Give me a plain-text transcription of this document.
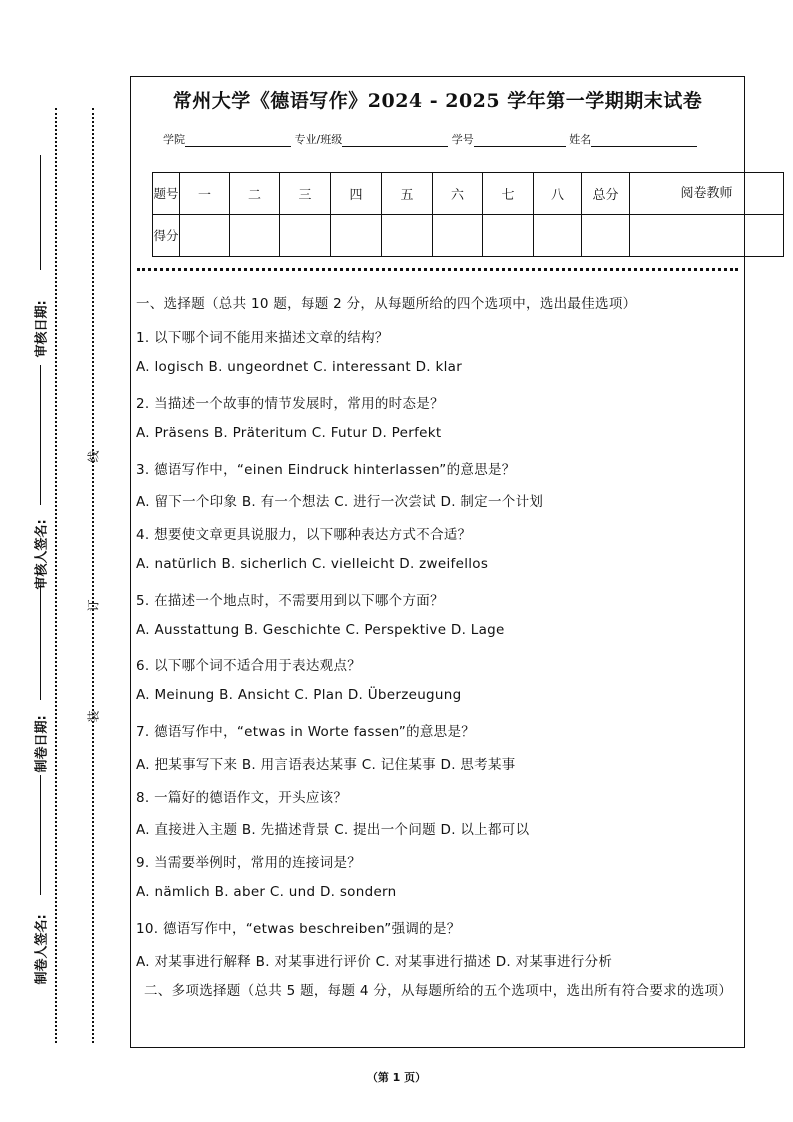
审核日期:
审核人签名:
制卷日期:
制卷人签名:
线
订
装
常州大学《德语写作》2024 - 2025 学年第一学期期末试卷
学院	专业/班级	学号	姓名
题号	一	二	三	四	五	六	七	八	总分	阅卷教师
得分										
一、选择题（总共 10 题，每题 2 分，从每题所给的四个选项中，选出最佳选项）
1. 以下哪个词不能用来描述文章的结构？
A. logisch B. ungeordnet C. interessant D. klar
2. 当描述一个故事的情节发展时，常用的时态是？
A. Präsens B. Präteritum C. Futur D. Perfekt
3. 德语写作中，“einen Eindruck hinterlassen”的意思是？
A. 留下一个印象 B. 有一个想法 C. 进行一次尝试 D. 制定一个计划
4. 想要使文章更具说服力，以下哪种表达方式不合适？
A. natürlich B. sicherlich C. vielleicht D. zweifellos
5. 在描述一个地点时，不需要用到以下哪个方面？
A. Ausstattung B. Geschichte C. Perspektive D. Lage
6. 以下哪个词不适合用于表达观点？
A. Meinung B. Ansicht C. Plan D. Überzeugung
7. 德语写作中，“etwas in Worte fassen”的意思是？
A. 把某事写下来 B. 用言语表达某事 C. 记住某事 D. 思考某事
8. 一篇好的德语作文，开头应该？
A. 直接进入主题 B. 先描述背景 C. 提出一个问题 D. 以上都可以
9. 当需要举例时，常用的连接词是？
A. nämlich B. aber C. und D. sondern
10. 德语写作中，“etwas beschreiben”强调的是？
A. 对某事进行解释 B. 对某事进行评价 C. 对某事进行描述 D. 对某事进行分析
二、多项选择题（总共 5 题，每题 4 分，从每题所给的五个选项中，选出所有符合要求的选项）
（第 1 页）
